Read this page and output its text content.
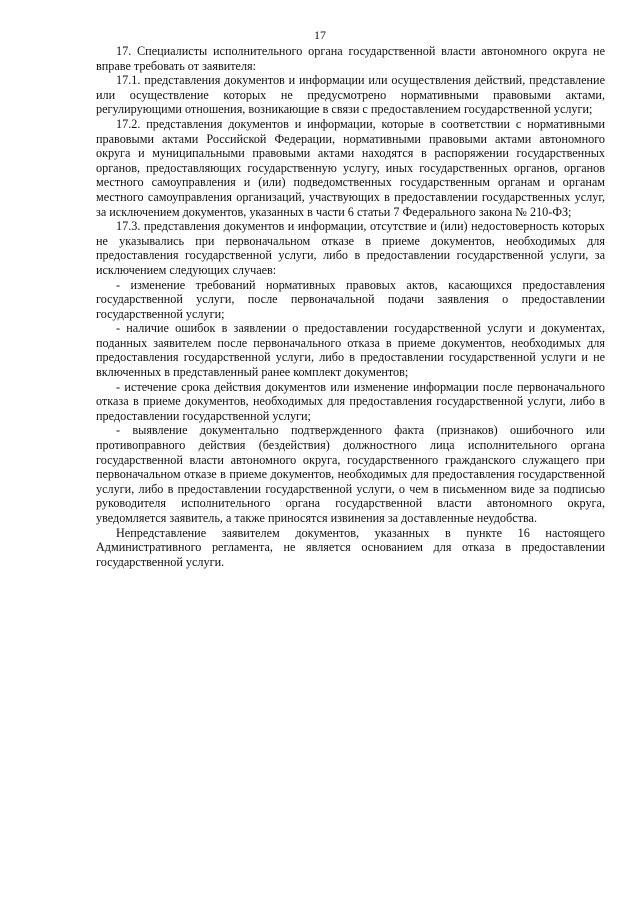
17

17. Специалисты исполнительного органа государственной власти автономного округа не вправе требовать от заявителя:

17.1. представления документов и информации или осуществления действий, представление или осуществление которых не предусмотрено нормативными правовыми актами, регулирующими отношения, возникающие в связи с предоставлением государственной услуги;

17.2. представления документов и информации, которые в соответствии с нормативными правовыми актами Российской Федерации, нормативными правовыми актами автономного округа и муниципальными правовыми актами находятся в распоряжении государственных органов, предоставляющих государственную услугу, иных государственных органов, органов местного самоуправления и (или) подведомственных государственным органам и органам местного самоуправления организаций, участвующих в предоставлении государственных услуг, за исключением документов, указанных в части 6 статьи 7 Федерального закона № 210-ФЗ;

17.3. представления документов и информации, отсутствие и (или) недостоверность которых не указывались при первоначальном отказе в приеме документов, необходимых для предоставления государственной услуги, либо в предоставлении государственной услуги, за исключением следующих случаев:

- изменение требований нормативных правовых актов, касающихся предоставления государственной услуги, после первоначальной подачи заявления о предоставлении государственной услуги;

- наличие ошибок в заявлении о предоставлении государственной услуги и документах, поданных заявителем после первоначального отказа в приеме документов, необходимых для предоставления государственной услуги, либо в предоставлении государственной услуги и не включенных в представленный ранее комплект документов;

- истечение срока действия документов или изменение информации после первоначального отказа в приеме документов, необходимых для предоставления государственной услуги, либо в предоставлении государственной услуги;

- выявление документально подтвержденного факта (признаков) ошибочного или противоправного действия (бездействия) должностного лица исполнительного органа государственной власти автономного округа, государственного гражданского служащего при первоначальном отказе в приеме документов, необходимых для предоставления государственной услуги, либо в предоставлении государственной услуги, о чем в письменном виде за подписью руководителя исполнительного органа государственной власти автономного округа, уведомляется заявитель, а также приносятся извинения за доставленные неудобства.

Непредставление заявителем документов, указанных в пункте 16 настоящего Административного регламента, не является основанием для отказа в предоставлении государственной услуги.
